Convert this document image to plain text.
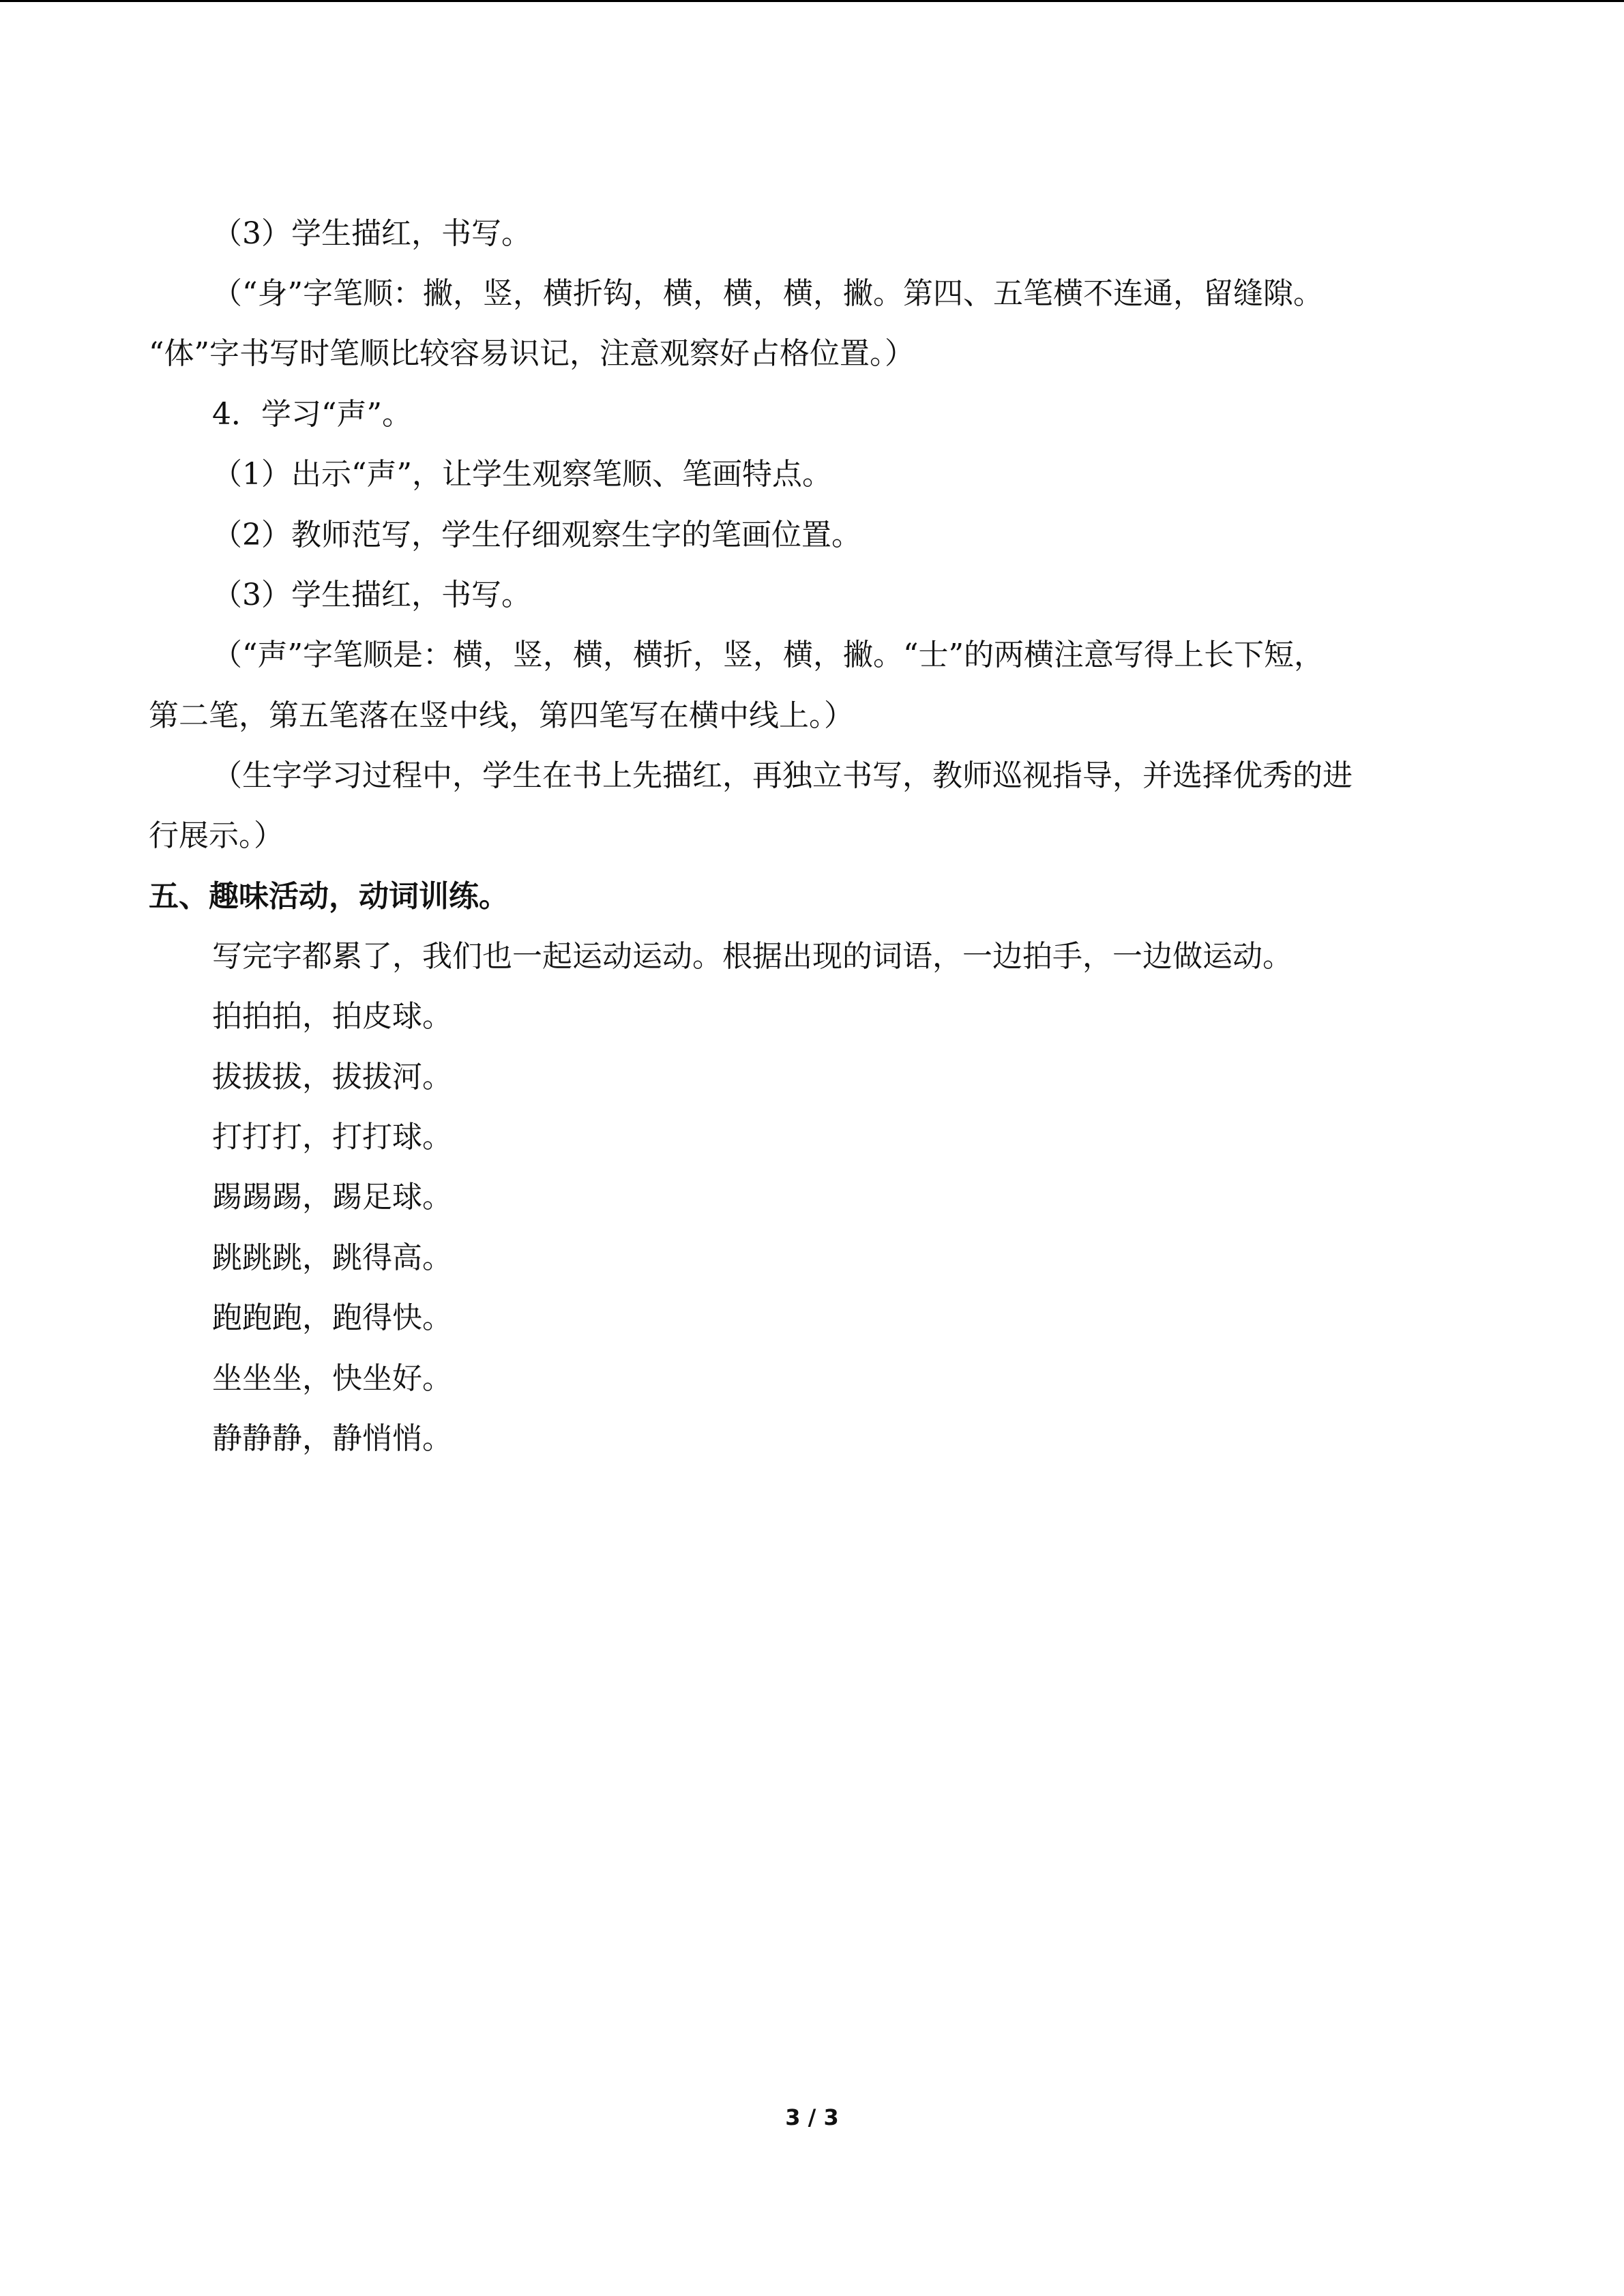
（3）学生描红，书写。
（“身”字笔顺：撇，竖，横折钩，横，横，横，撇。第四、五笔横不连通，留缝隙。
“体”字书写时笔顺比较容易识记，注意观察好占格位置。）
4．学习“声”。
（1）出示“声”，让学生观察笔顺、笔画特点。
（2）教师范写，学生仔细观察生字的笔画位置。
（3）学生描红，书写。
（“声”字笔顺是：横，竖，横，横折，竖，横，撇。“士”的两横注意写得上长下短，
第二笔，第五笔落在竖中线，第四笔写在横中线上。）
（生字学习过程中，学生在书上先描红，再独立书写，教师巡视指导，并选择优秀的进
行展示。）
五、趣味活动，动词训练。
写完字都累了，我们也一起运动运动。根据出现的词语，一边拍手，一边做运动。
拍拍拍，拍皮球。
拔拔拔，拔拔河。
打打打，打打球。
踢踢踢，踢足球。
跳跳跳，跳得高。
跑跑跑，跑得快。
坐坐坐，快坐好。
静静静，静悄悄。
3 / 3
